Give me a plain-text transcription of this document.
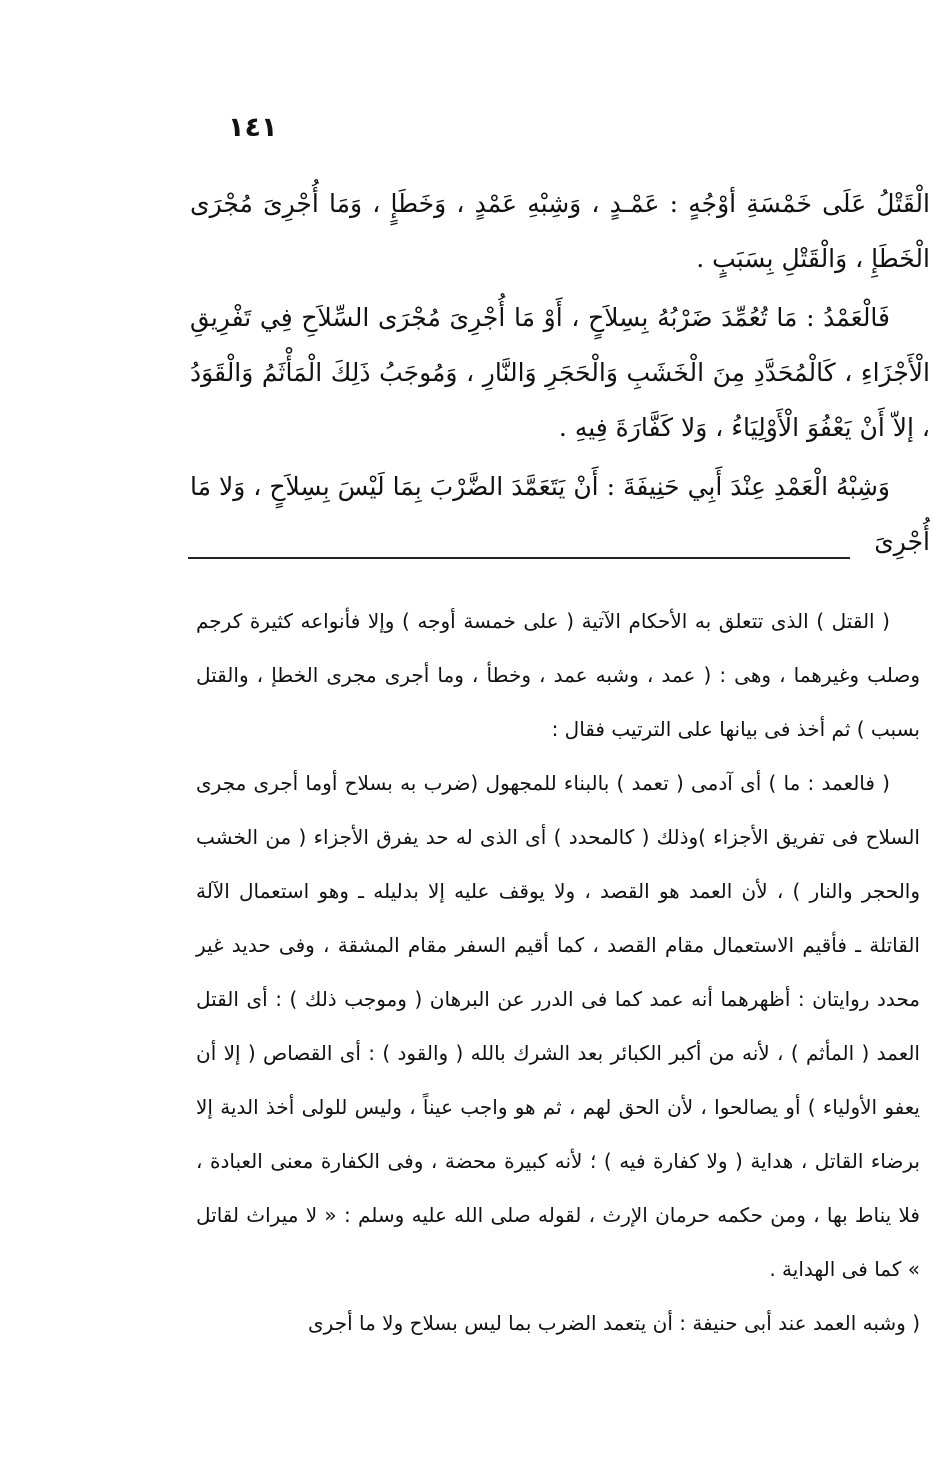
١٤١

الْقَتْلُ عَلَى خَمْسَةِ أوْجُهٍ : عَمْـدٍ ، وَشِبْهِ عَمْدٍ ، وَخَطَإٍ ، وَمَا أُجْرِىَ مُجْرَى الْخَطَإِ ، وَالْقَتْلِ بِسَبَبٍ .

فَالْعَمْدُ : مَا تُعُمِّدَ ضَرْبُهُ بِسِلاَحٍ ، أَوْ مَا أُجْرِىَ مُجْرَى السِّلاَحِ فِي تَفْرِيقِ الْأَجْزَاءِ ، كَالْمُحَدَّدِ مِنَ الْخَشَبِ وَالْحَجَرِ وَالنَّارِ ، وَمُوجَبُ ذَلِكَ الْمَأْثَمُ وَالْقَوَدُ ، إلاّ أَنْ يَعْفُوَ الْأَوْلِيَاءُ ، وَلا كَفَّارَةَ فِيهِ .

وَشِبْهُ الْعَمْدِ عِنْدَ أَبِي حَنِيفَةَ : أَنْ يَتَعَمَّدَ الضَّرْبَ بِمَا لَيْسَ بِسِلاَحٍ ، وَلا مَا أُجْرِىَ

( القتل ) الذى تتعلق به الأحكام الآتية ( على خمسة أوجه ) وإلا فأنواعه كثيرة كرجم وصلب وغيرهما ، وهى : ( عمد ، وشبه عمد ، وخطأ ، وما أجرى مجرى الخطإ ، والقتل بسبب ) ثم أخذ فى بيانها على الترتيب فقال :

( فالعمد : ما ) أى آدمى ( تعمد ) بالبناء للمجهول (ضرب به بسلاح أوما أجرى مجرى السلاح فى تفريق الأجزاء )وذلك ( كالمحدد ) أى الذى له حد يفرق الأجزاء ( من الخشب والحجر والنار ) ، لأن العمد هو القصد ، ولا يوقف عليه إلا بدليله ـ وهو استعمال الآلة القاتلة ـ فأقيم الاستعمال مقام القصد ، كما أقيم السفر مقام المشقة ، وفى حديد غير محدد روايتان : أظهرهما أنه عمد كما فى الدرر عن البرهان ( وموجب ذلك ) : أى القتل العمد ( المأثم ) ، لأنه من أكبر الكبائر بعد الشرك بالله ( والقود ) : أى القصاص ( إلا أن يعفو الأولياء ) أو يصالحوا ، لأن الحق لهم ، ثم هو واجب عيناً ، وليس للولى أخذ الدية إلا برضاء القاتل ، هداية ( ولا كفارة فيه ) ؛ لأنه كبيرة محضة ، وفى الكفارة معنى العبادة ، فلا يناط بها ، ومن حكمه حرمان الإرث ، لقوله صلى الله عليه وسلم : « لا ميراث لقاتل » كما فى الهداية .

( وشبه العمد عند أبى حنيفة : أن يتعمد الضرب بما ليس بسلاح ولا ما أجرى
